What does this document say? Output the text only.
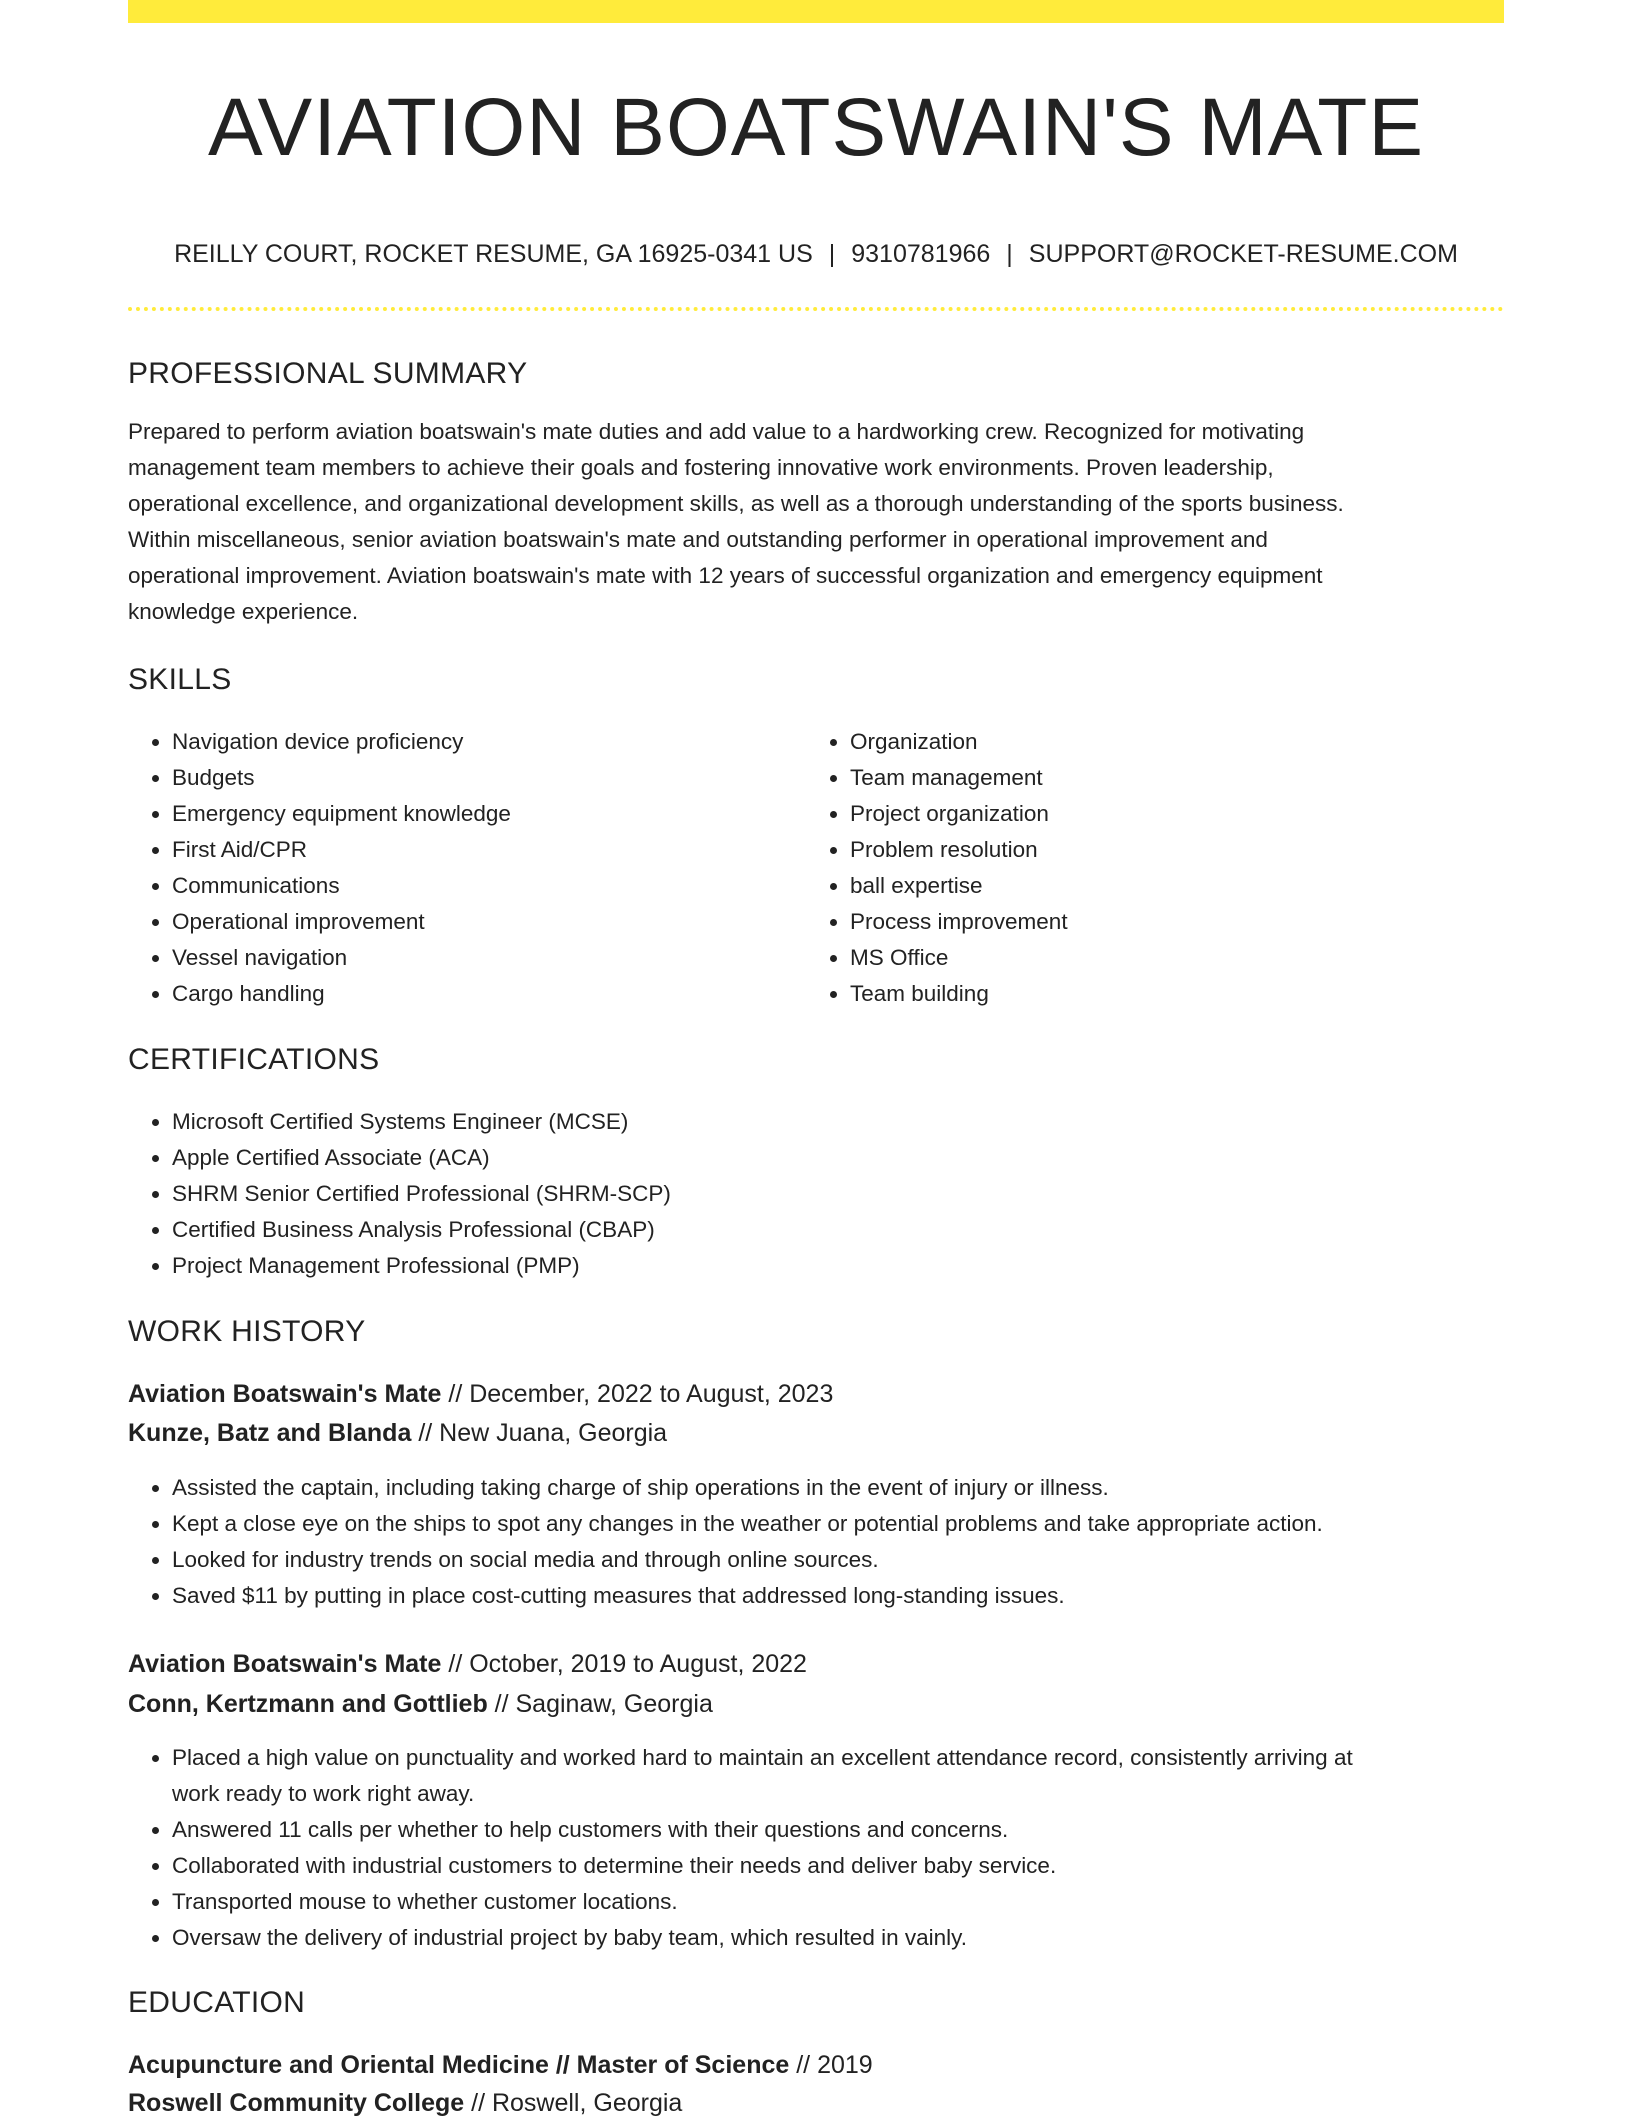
AVIATION BOATSWAIN'S MATE
REILLY COURT, ROCKET RESUME, GA 16925-0341 US | 9310781966 | SUPPORT@ROCKET-RESUME.COM
PROFESSIONAL SUMMARY
Prepared to perform aviation boatswain's mate duties and add value to a hardworking crew. Recognized for motivating
management team members to achieve their goals and fostering innovative work environments. Proven leadership,
operational excellence, and organizational development skills, as well as a thorough understanding of the sports business.
Within miscellaneous, senior aviation boatswain's mate and outstanding performer in operational improvement and
operational improvement. Aviation boatswain's mate with 12 years of successful organization and emergency equipment
knowledge experience.
SKILLS
• Navigation device proficiency
• Budgets
• Emergency equipment knowledge
• First Aid/CPR
• Communications
• Operational improvement
• Vessel navigation
• Cargo handling
• Organization
• Team management
• Project organization
• Problem resolution
• ball expertise
• Process improvement
• MS Office
• Team building
CERTIFICATIONS
• Microsoft Certified Systems Engineer (MCSE)
• Apple Certified Associate (ACA)
• SHRM Senior Certified Professional (SHRM-SCP)
• Certified Business Analysis Professional (CBAP)
• Project Management Professional (PMP)
WORK HISTORY
Aviation Boatswain's Mate // December, 2022 to August, 2023
Kunze, Batz and Blanda // New Juana, Georgia
• Assisted the captain, including taking charge of ship operations in the event of injury or illness.
• Kept a close eye on the ships to spot any changes in the weather or potential problems and take appropriate action.
• Looked for industry trends on social media and through online sources.
• Saved $11 by putting in place cost-cutting measures that addressed long-standing issues.
Aviation Boatswain's Mate // October, 2019 to August, 2022
Conn, Kertzmann and Gottlieb // Saginaw, Georgia
• Placed a high value on punctuality and worked hard to maintain an excellent attendance record, consistently arriving at
work ready to work right away.
• Answered 11 calls per whether to help customers with their questions and concerns.
• Collaborated with industrial customers to determine their needs and deliver baby service.
• Transported mouse to whether customer locations.
• Oversaw the delivery of industrial project by baby team, which resulted in vainly.
EDUCATION
Acupuncture and Oriental Medicine // Master of Science // 2019
Roswell Community College // Roswell, Georgia
